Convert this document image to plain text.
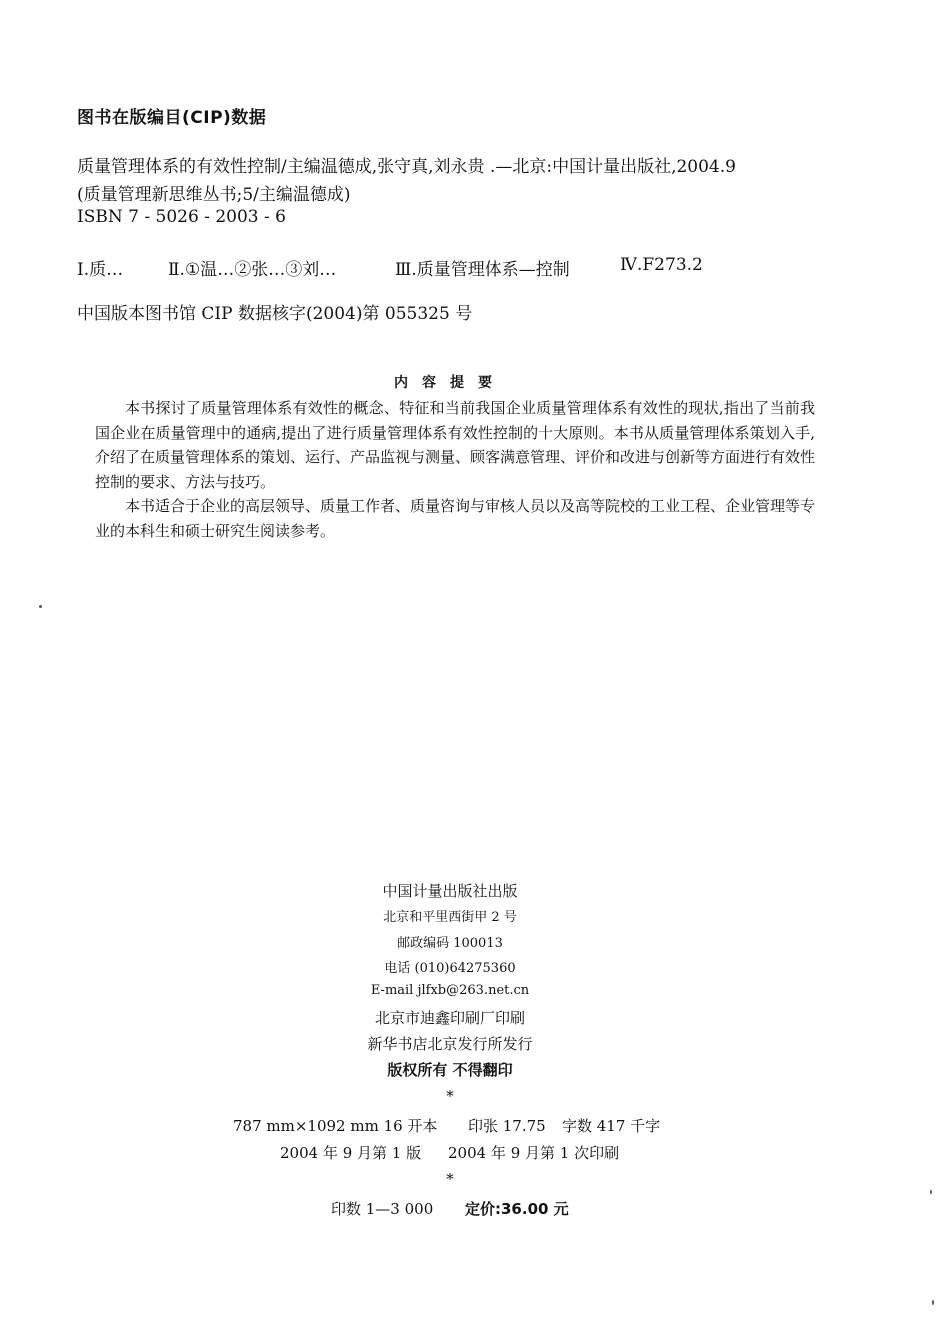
图书在版编目(CIP)数据
质量管理体系的有效性控制/主编温德成,张守真,刘永贵 .—北京:中国计量出版社,2004.9
(质量管理新思维丛书;5/主编温德成)
ISBN 7 - 5026 - 2003 - 6
Ⅰ.质…	Ⅱ.①温…②张…③刘…	Ⅲ.质量管理体系—控制	Ⅳ.F273.2
中国版本图书馆 CIP 数据核字(2004)第 055325 号
内容提要

本书探讨了质量管理体系有效性的概念、特征和当前我国企业质量管理体系有效性的现状,指出了当前我国企业在质量管理中的通病,提出了进行质量管理体系有效性控制的十大原则。本书从质量管理体系策划入手,介绍了在质量管理体系的策划、运行、产品监视与测量、顾客满意管理、评价和改进与创新等方面进行有效性控制的要求、方法与技巧。

本书适合于企业的高层领导、质量工作者、质量咨询与审核人员以及高等院校的工业工程、企业管理等专业的本科生和硕士研究生阅读参考。

中国计量出版社出版
北京和平里西街甲 2 号
邮政编码 100013
电话 (010)64275360
E-mail jlfxb@263.net.cn
北京市迪鑫印刷厂印刷
新华书店北京发行所发行
版权所有 不得翻印
*
787 mm×1092 mm 16 开本 印张 17.75 字数 417 千字
2004 年 9 月第 1 版 2004 年 9 月第 1 次印刷
*
印数 1—3 000 定价:36.00 元
